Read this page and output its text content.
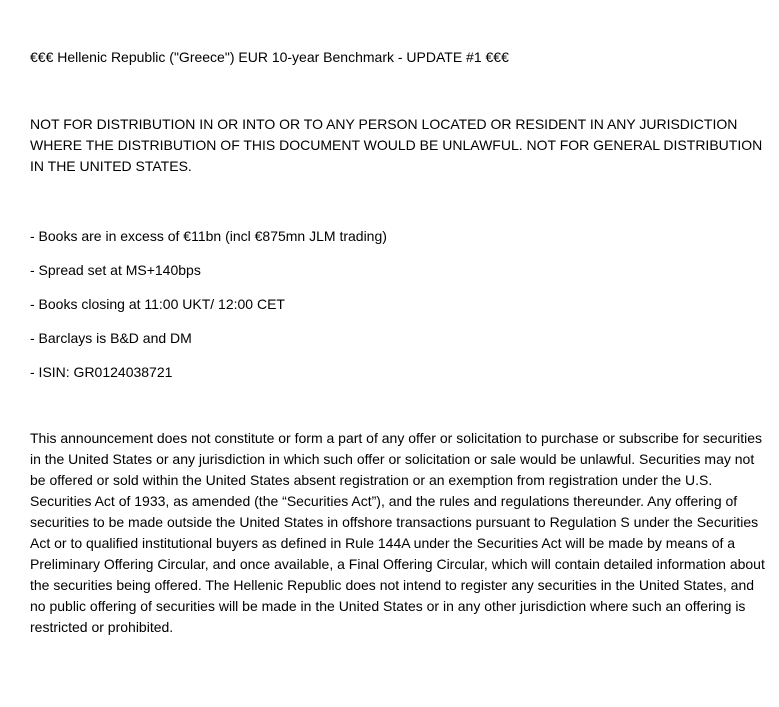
€€€ Hellenic Republic ("Greece") EUR 10-year Benchmark - UPDATE #1 €€€

NOT FOR DISTRIBUTION IN OR INTO OR TO ANY PERSON LOCATED OR RESIDENT IN ANY JURISDICTION WHERE THE DISTRIBUTION OF THIS DOCUMENT WOULD BE UNLAWFUL. NOT FOR GENERAL DISTRIBUTION IN THE UNITED STATES.

- Books are in excess of €11bn (incl €875mn JLM trading)
- Spread set at MS+140bps
- Books closing at 11:00 UKT/ 12:00 CET
- Barclays is B&D and DM
- ISIN: GR0124038721

This announcement does not constitute or form a part of any offer or solicitation to purchase or subscribe for securities in the United States or any jurisdiction in which such offer or solicitation or sale would be unlawful. Securities may not be offered or sold within the United States absent registration or an exemption from registration under the U.S. Securities Act of 1933, as amended (the “Securities Act”), and the rules and regulations thereunder. Any offering of securities to be made outside the United States in offshore transactions pursuant to Regulation S under the Securities Act or to qualified institutional buyers as defined in Rule 144A under the Securities Act will be made by means of a Preliminary Offering Circular, and once available, a Final Offering Circular, which will contain detailed information about the securities being offered. The Hellenic Republic does not intend to register any securities in the United States, and no public offering of securities will be made in the United States or in any other jurisdiction where such an offering is restricted or prohibited.
